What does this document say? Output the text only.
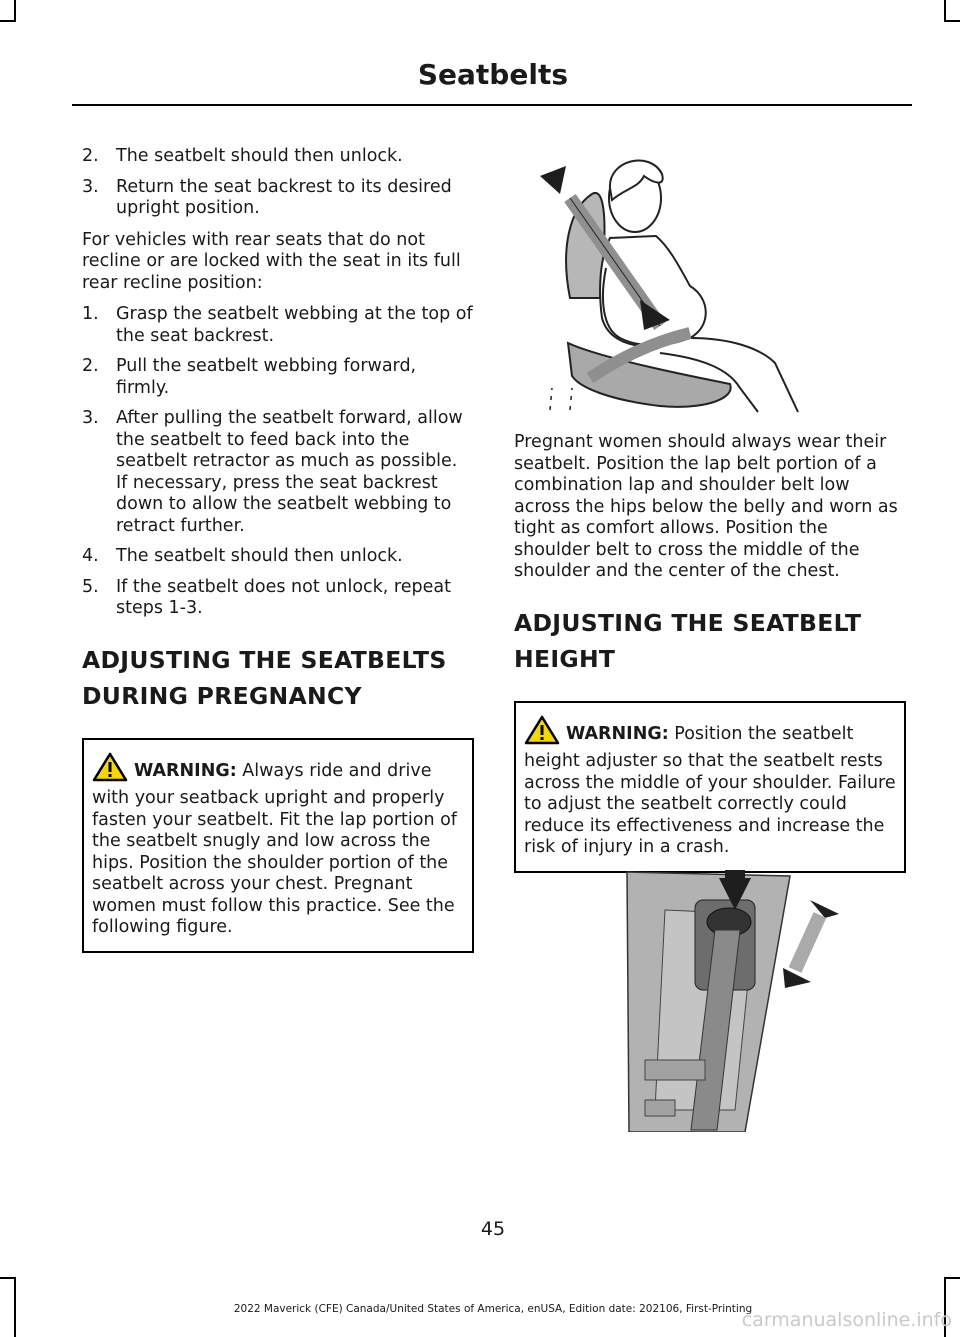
Seatbelts
2. The seatbelt should then unlock.
3. Return the seat backrest to its desired upright position.

For vehicles with rear seats that do not recline or are locked with the seat in its full rear recline position:

1. Grasp the seatbelt webbing at the top of the seat backrest.
2. Pull the seatbelt webbing forward, firmly.
3. After pulling the seatbelt forward, allow the seatbelt to feed back into the seatbelt retractor as much as possible. If necessary, press the seat backrest down to allow the seatbelt webbing to retract further.
4. The seatbelt should then unlock.
5. If the seatbelt does not unlock, repeat steps 1-3.
ADJUSTING THE SEATBELTS
DURING PREGNANCY
WARNING: Always ride and drive with your seatback upright and properly fasten your seatbelt. Fit the lap portion of the seatbelt snugly and low across the hips. Position the shoulder portion of the seatbelt across your chest. Pregnant women must follow this practice. See the following figure.

Pregnant women should always wear their seatbelt. Position the lap belt portion of a combination lap and shoulder belt low across the hips below the belly and worn as tight as comfort allows. Position the shoulder belt to cross the middle of the shoulder and the center of the chest.

ADJUSTING THE SEATBELT
HEIGHT
WARNING: Position the seatbelt height adjuster so that the seatbelt rests across the middle of your shoulder. Failure to adjust the seatbelt correctly could reduce its effectiveness and increase the risk of injury in a crash.
45
2022 Maverick (CFE) Canada/United States of America, enUSA, Edition date: 202106, First-Printing
carmanualsonline.info
